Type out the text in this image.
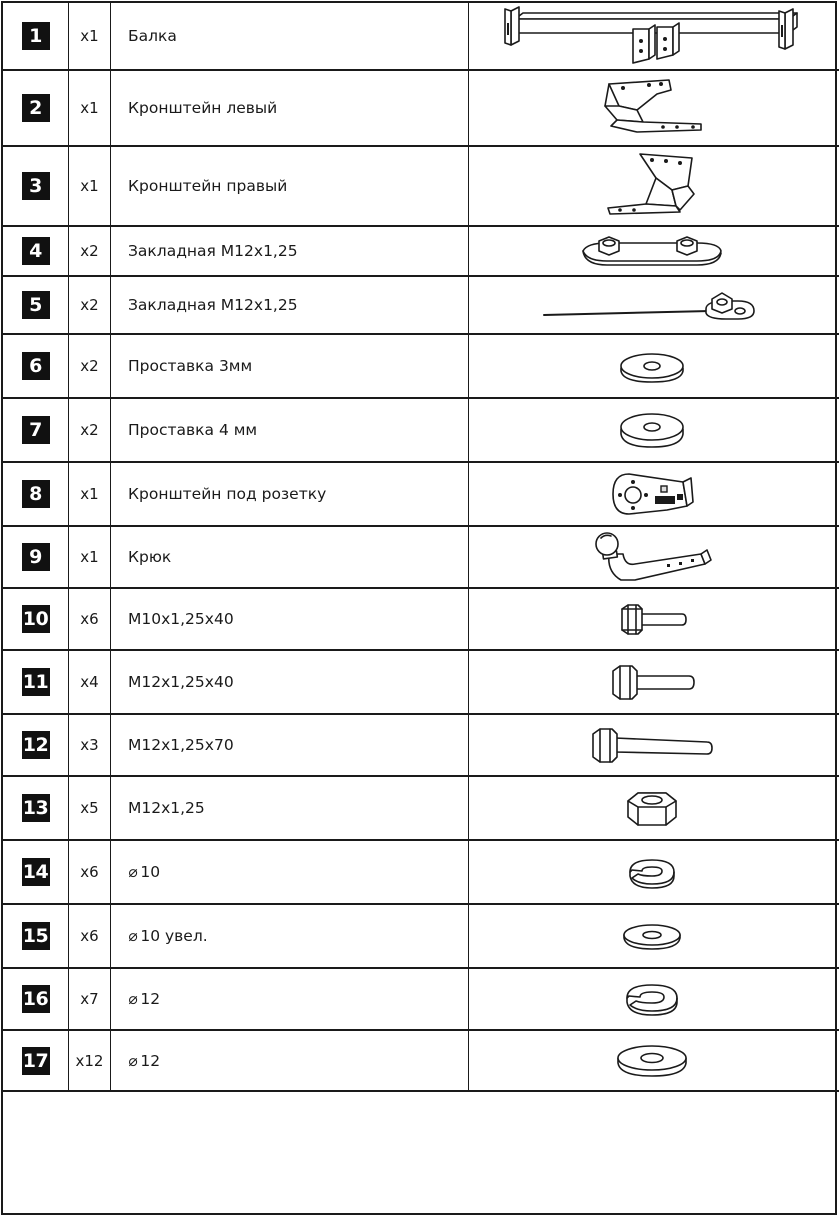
1	x1 Балка
2	x1 Кронштейн левый
3	x1 Кронштейн правый
4	x2 Закладная М12х1,25
5	x2 Закладная М12х1,25
6	x2 Проставка 3мм
7	x2 Проставка 4 мм
8	x1 Кронштейн под розетку
9	x1 Крюк
10 x6 М10х1,25х40
11 x4 М12х1,25х40
12 x3 М12х1,25х70
13 x5 М12х1,25
14 x6 ⌀ 10
15 x6 ⌀ 10 увел.
16 x7 ⌀ 12
17 x12 ⌀ 12
